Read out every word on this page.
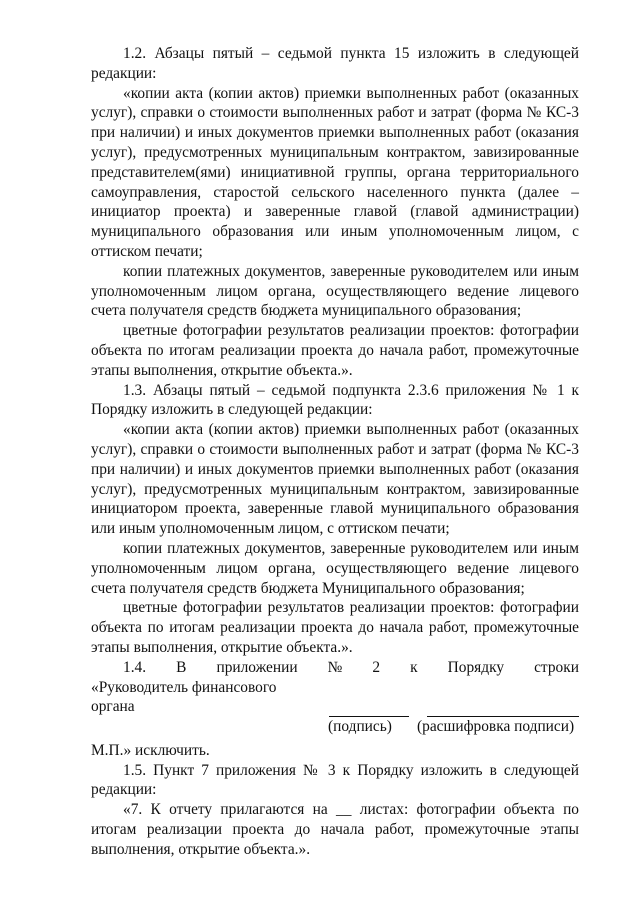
1.2. Абзацы пятый – седьмой пункта 15 изложить в следующей редакции:

«копии акта (копии актов) приемки выполненных работ (оказанных услуг), справки о стоимости выполненных работ и затрат (форма № КС-3 при наличии) и иных документов приемки выполненных работ (оказания услуг), предусмотренных муниципальным контрактом, завизированные представителем(ями) инициативной группы, органа территориального самоуправления, старостой сельского населенного пункта (далее – инициатор проекта) и заверенные главой (главой администрации) муниципального образования или иным уполномоченным лицом, с оттиском печати;

копии платежных документов, заверенные руководителем или иным уполномоченным лицом органа, осуществляющего ведение лицевого счета получателя средств бюджета муниципального образования;

цветные фотографии результатов реализации проектов: фотографии объекта по итогам реализации проекта до начала работ, промежуточные этапы выполнения, открытие объекта.».

1.3. Абзацы пятый – седьмой подпункта 2.3.6 приложения № 1 к Порядку изложить в следующей редакции:

«копии акта (копии актов) приемки выполненных работ (оказанных услуг), справки о стоимости выполненных работ и затрат (форма № КС-3 при наличии) и иных документов приемки выполненных работ (оказания услуг), предусмотренных муниципальным контрактом, завизированные инициатором проекта, заверенные главой муниципального образования или иным уполномоченным лицом, с оттиском печати;

копии платежных документов, заверенные руководителем или иным уполномоченным лицом органа, осуществляющего ведение лицевого счета получателя средств бюджета Муниципального образования;

цветные фотографии результатов реализации проектов: фотографии объекта по итогам реализации проекта до начала работ, промежуточные этапы выполнения, открытие объекта.».

1.4. В приложении № 2 к Порядку строки
«Руководитель финансового органа
(подпись) (расшифровка подписи)

М.П.» исключить.

1.5. Пункт 7 приложения № 3 к Порядку изложить в следующей редакции:

«7. К отчету прилагаются на __ листах: фотографии объекта по итогам реализации проекта до начала работ, промежуточные этапы выполнения, открытие объекта.».
